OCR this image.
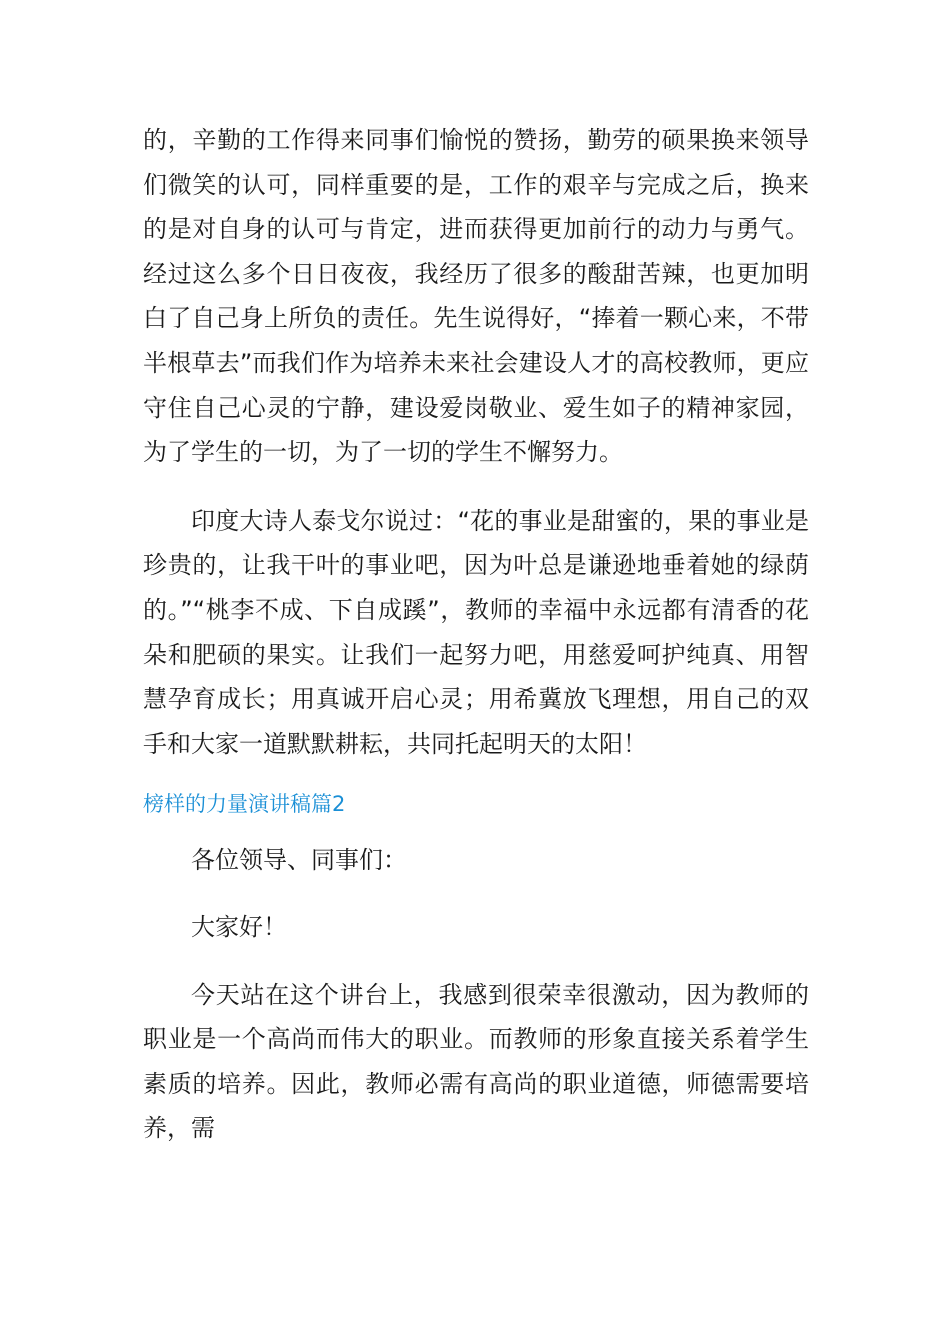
的，辛勤的工作得来同事们愉悦的赞扬，勤劳的硕果换来领导们微笑的认可，同样重要的是，工作的艰辛与完成之后，换来的是对自身的认可与肯定，进而获得更加前行的动力与勇气。经过这么多个日日夜夜，我经历了很多的酸甜苦辣，也更加明白了自己身上所负的责任。先生说得好，“捧着一颗心来，不带半根草去”而我们作为培养未来社会建设人才的高校教师，更应守住自己心灵的宁静，建设爱岗敬业、爱生如子的精神家园，为了学生的一切，为了一切的学生不懈努力。

印度大诗人泰戈尔说过：“花的事业是甜蜜的，果的事业是珍贵的，让我干叶的事业吧，因为叶总是谦逊地垂着她的绿荫的。”“桃李不成、下自成蹊”，教师的幸福中永远都有清香的花朵和肥硕的果实。让我们一起努力吧，用慈爱呵护纯真、用智慧孕育成长；用真诚开启心灵；用希冀放飞理想，用自己的双手和大家一道默默耕耘，共同托起明天的太阳！

榜样的力量演讲稿篇2

各位领导、同事们：

大家好！

今天站在这个讲台上，我感到很荣幸很激动，因为教师的职业是一个高尚而伟大的职业。而教师的形象直接关系着学生素质的培养。因此，教师必需有高尚的职业道德，师德需要培养，需
